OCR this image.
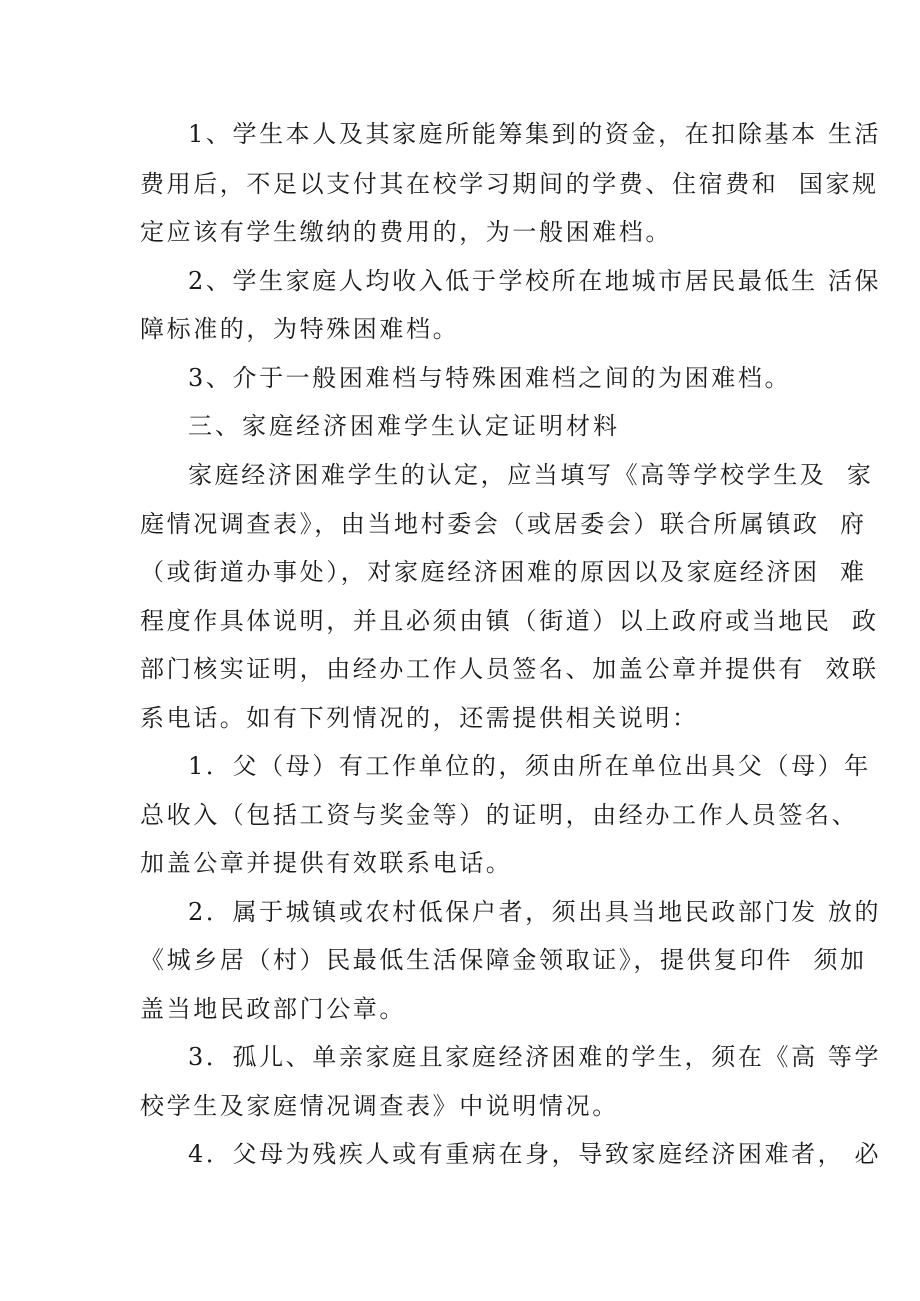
1、学生本人及其家庭所能筹集到的资金，在扣除基本 生活
费用后，不足以支付其在校学习期间的学费、住宿费和  国家规
定应该有学生缴纳的费用的，为一般困难档。
2、学生家庭人均收入低于学校所在地城市居民最低生 活保
障标准的，为特殊困难档。
3、介于一般困难档与特殊困难档之间的为困难档。
三、家庭经济困难学生认定证明材料
家庭经济困难学生的认定，应当填写《高等学校学生及  家
庭情况调查表》，由当地村委会（或居委会）联合所属镇政  府
（或街道办事处），对家庭经济困难的原因以及家庭经济困  难
程度作具体说明，并且必须由镇（街道）以上政府或当地民  政
部门核实证明，由经办工作人员签名、加盖公章并提供有  效联
系电话。如有下列情况的，还需提供相关说明：
1．父（母）有工作单位的，须由所在单位出具父（母）年
总收入（包括工资与奖金等）的证明，由经办工作人员签名、
加盖公章并提供有效联系电话。
2．属于城镇或农村低保户者，须出具当地民政部门发 放的
《城乡居（村）民最低生活保障金领取证》，提供复印件  须加
盖当地民政部门公章。
3．孤儿、单亲家庭且家庭经济困难的学生，须在《高 等学
校学生及家庭情况调查表》中说明情况。
4．父母为残疾人或有重病在身，导致家庭经济困难者， 必
